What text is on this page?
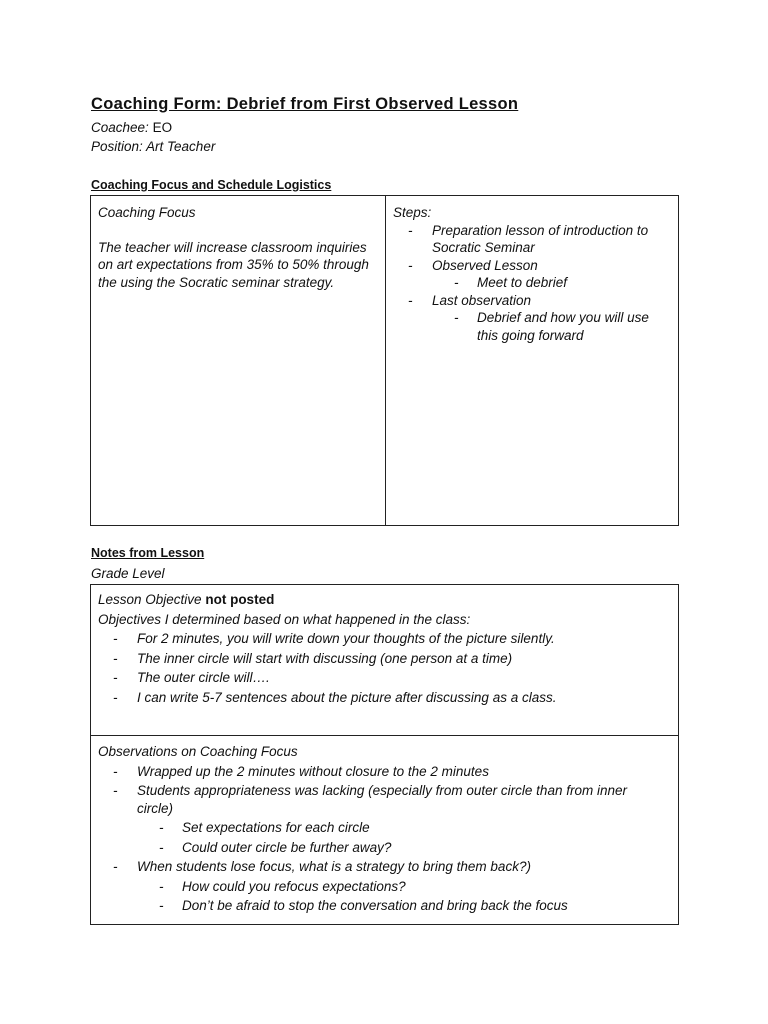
Coaching Form: Debrief from First Observed Lesson
Coachee: EO
Position: Art Teacher
Coaching Focus and Schedule Logistics

Coaching Focus

The teacher will increase classroom inquiries on art expectations from 35% to 50% through the using the Socratic seminar strategy.

Steps:

- Preparation lesson of introduction to Socratic Seminar
- Observed Lesson
- Meet to debrief
- Last observation
- Debrief and how you will use this going forward
Notes from Lesson
Grade Level

Lesson Objective not posted

Objectives I determined based on what happened in the class:

- For 2 minutes, you will write down your thoughts of the picture silently.
- The inner circle will start with discussing (one person at a time)
- The outer circle will….
- I can write 5-7 sentences about the picture after discussing as a class.

Observations on Coaching Focus

- Wrapped up the 2 minutes without closure to the 2 minutes
- Students appropriateness was lacking (especially from outer circle than from inner circle)
- Set expectations for each circle
- Could outer circle be further away?
- When students lose focus, what is a strategy to bring them back?)
- How could you refocus expectations?
- Don’t be afraid to stop the conversation and bring back the focus
